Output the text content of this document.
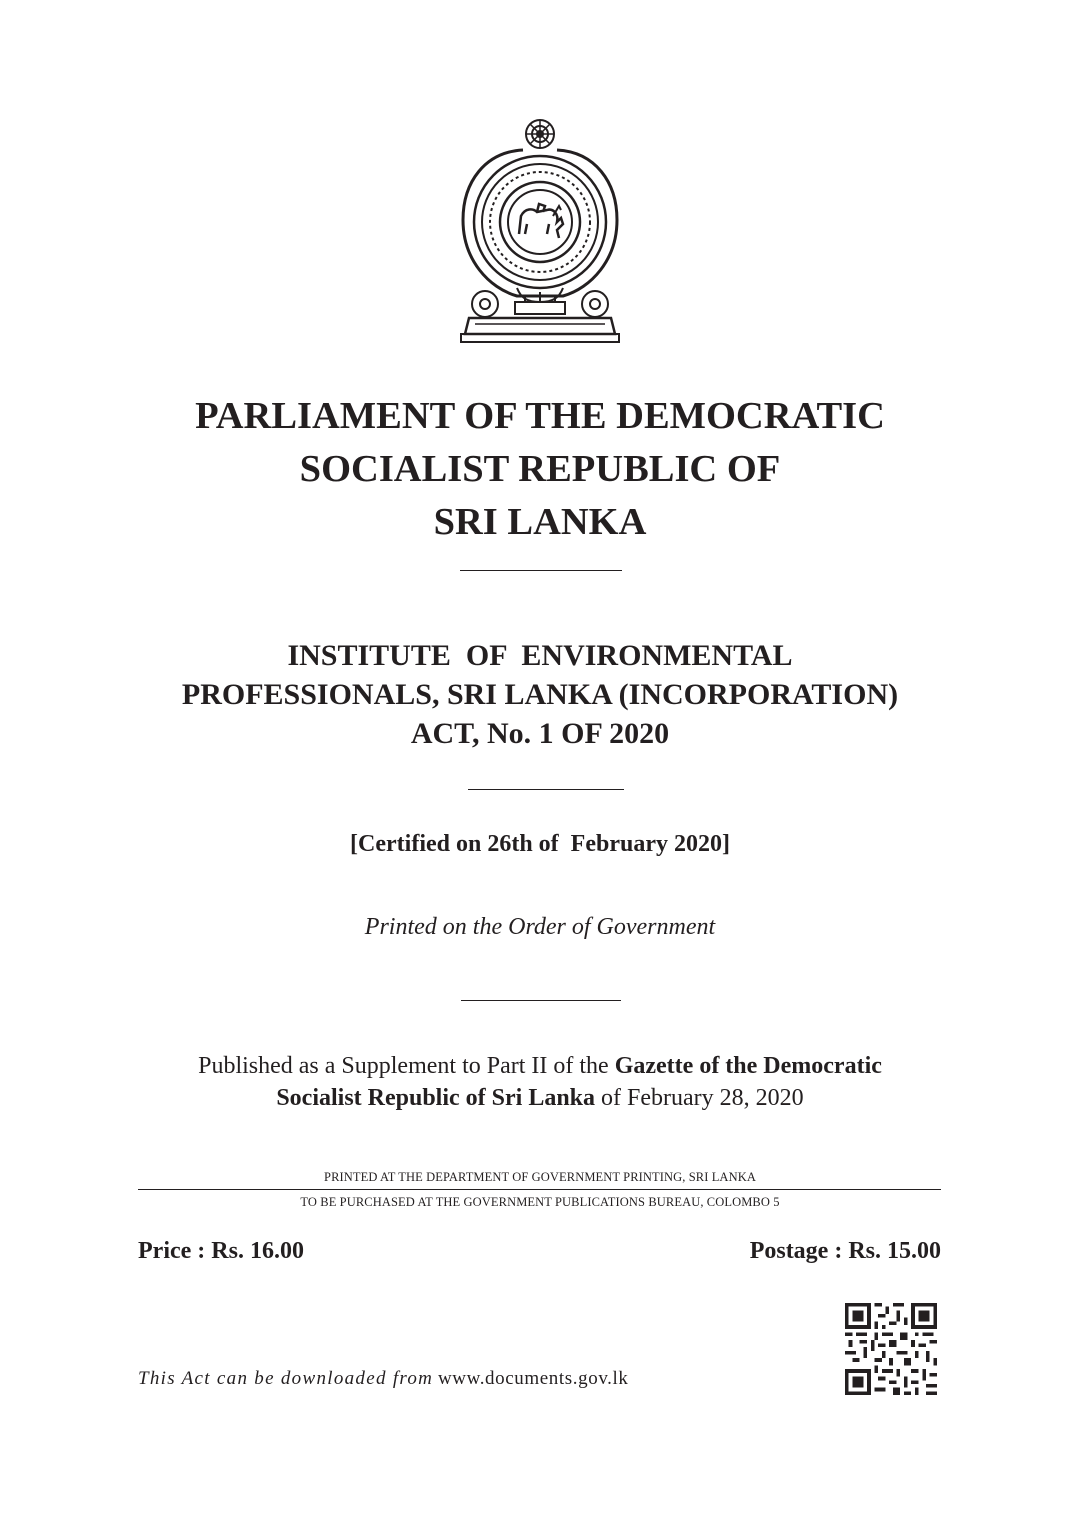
PARLIAMENT OF THE DEMOCRATIC
SOCIALIST REPUBLIC OF
SRI LANKA
INSTITUTE  OF  ENVIRONMENTAL
PROFESSIONALS, SRI LANKA (INCORPORATION)
ACT, No. 1 OF 2020
[Certified on 26th of  February 2020]
Printed on the Order of Government
Published as a Supplement to Part II of the Gazette of the Democratic
Socialist Republic of Sri Lanka of February 28, 2020
PRINTED AT THE DEPARTMENT OF GOVERNMENT PRINTING, SRI LANKA
TO BE PURCHASED AT THE GOVERNMENT PUBLICATIONS BUREAU, COLOMBO 5
Price : Rs. 16.00	Postage : Rs. 15.00
This Act can be downloaded from www.documents.gov.lk
